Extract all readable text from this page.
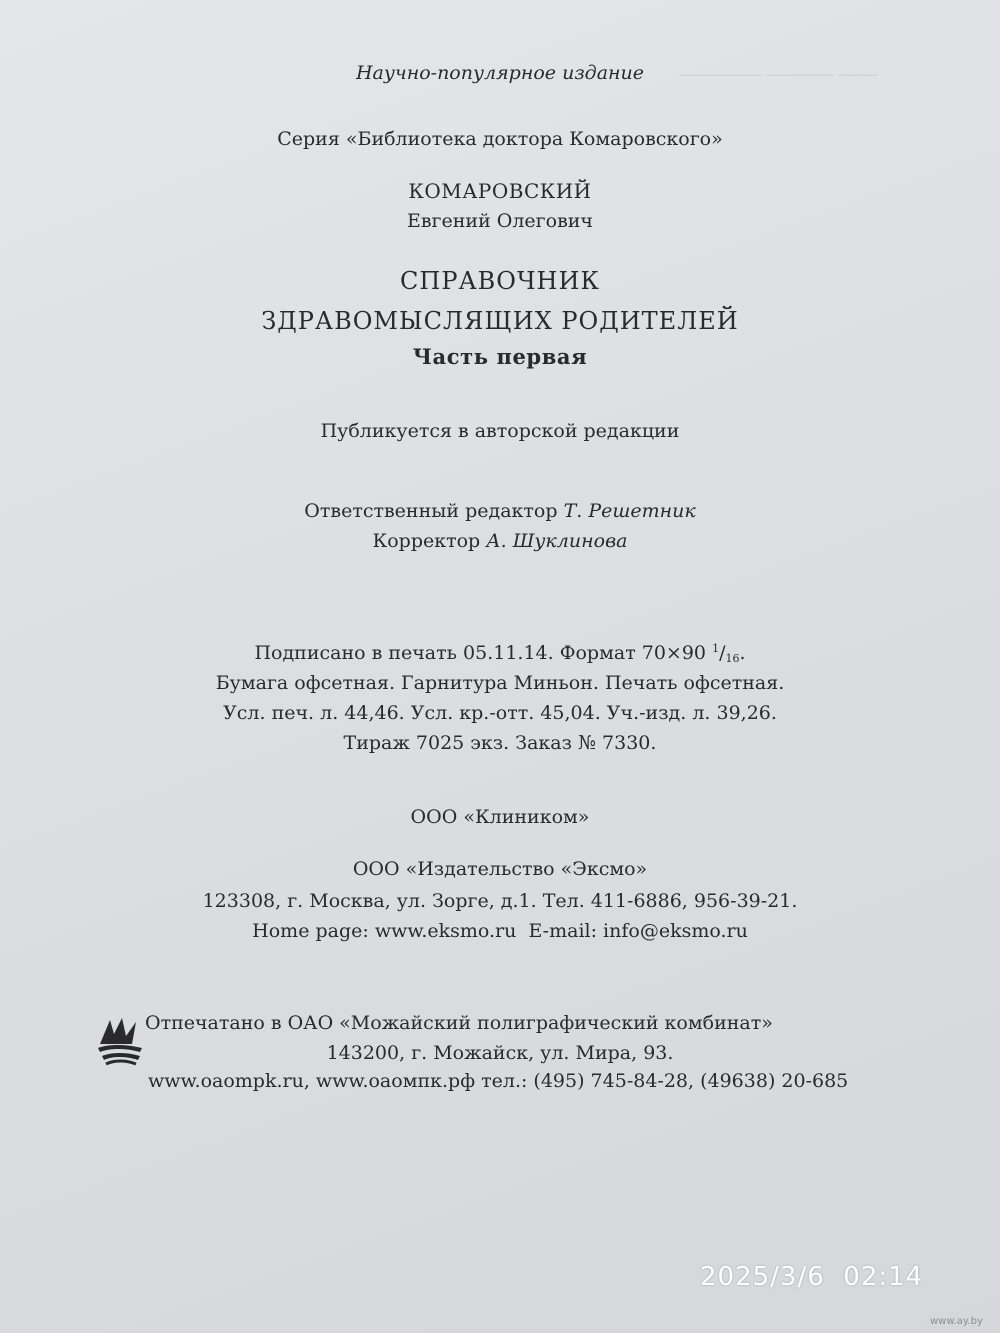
────── ───── ───
Научно-популярное издание
Серия «Библиотека доктора Комаровского»
КОМАРОВСКИЙ
Евгений Олегович
СПРАВОЧНИК
ЗДРАВОМЫСЛЯЩИХ РОДИТЕЛЕЙ
Часть первая
Публикуется в авторской редакции
Ответственный редактор Т. Решетник
Корректор А. Шуклинова
Подписано в печать 05.11.14. Формат 70×90 $^1/_{16}$.
Бумага офсетная. Гарнитура Миньон. Печать офсетная.
Усл. печ. л. 44,46. Усл. кр.-отт. 45,04. Уч.-изд. л. 39,26.
Тираж 7025 экз. Заказ № 7330.
ООО «Клиником»
ООО «Издательство «Эксмо»
123308, г. Москва, ул. Зорге, д.1. Тел. 411-6886, 956-39-21.
Home page: www.eksmo.ru  E-mail: info@eksmo.ru
Отпечатано в ОАО «Можайский полиграфический комбинат»
143200, г. Можайск, ул. Мира, 93.
www.oaompk.ru, www.оаомпк.рф тел.: (495) 745-84-28, (49638) 20-685
2025/3/6  02:14
www.ay.by
